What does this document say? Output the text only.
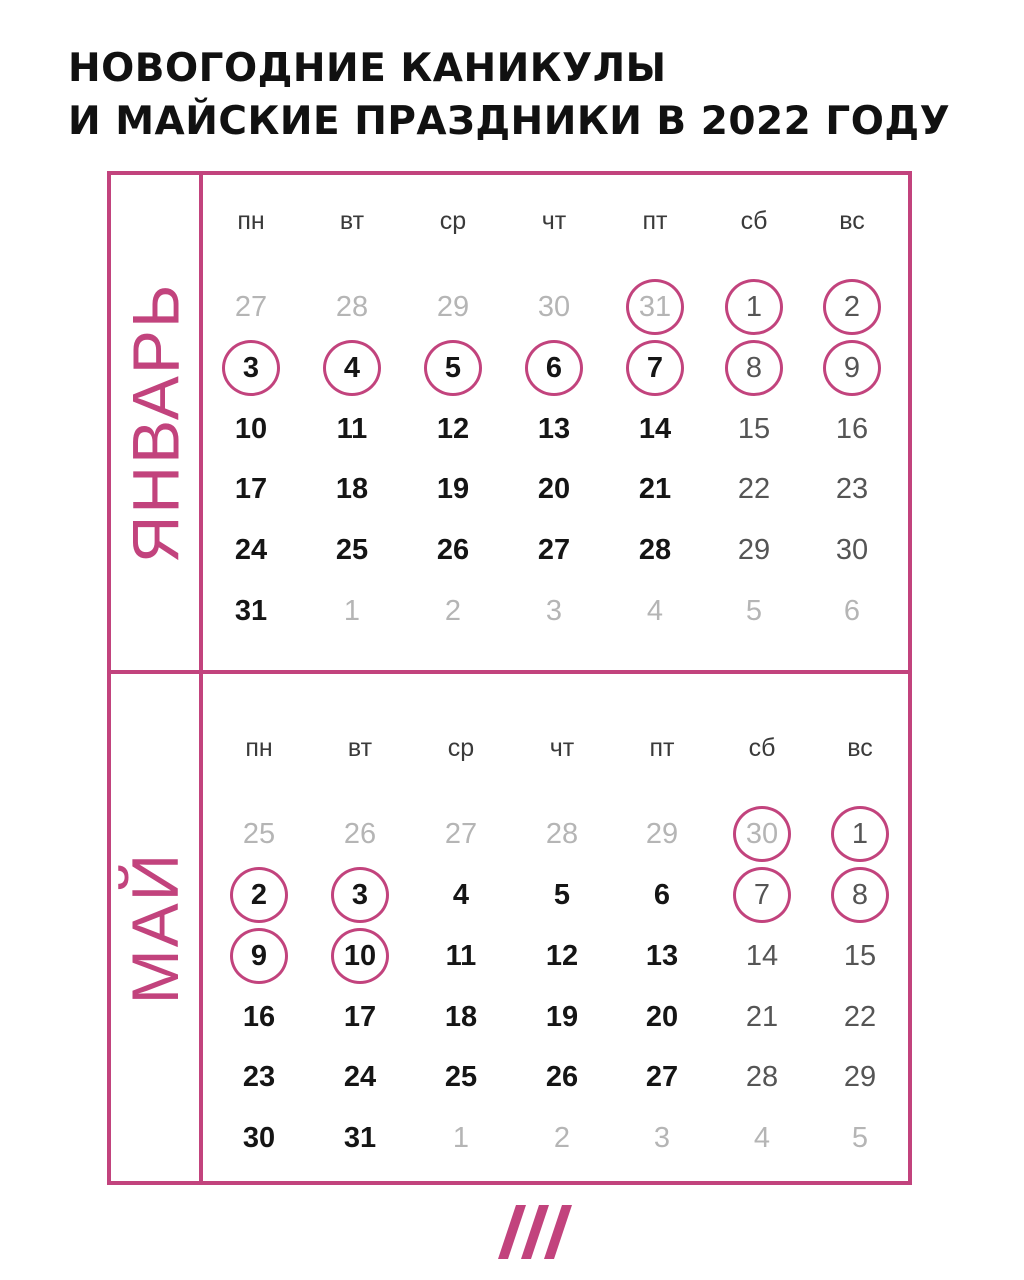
НОВОГОДНИЕ КАНИКУЛЫ
И МАЙСКИЕ ПРАЗДНИКИ В 2022 ГОДУ
ЯНВАРЬ
МАЙ
пн	вт	ср	чт	пт	сб	вс
27	28	29	30	31	1	2
3	4	5	6	7	8	9
10	11	12	13	14	15	16
17	18	19	20	21	22	23
24	25	26	27	28	29	30
31	1	2	3	4	5	6
пн	вт	ср	чт	пт	сб	вс
25	26	27	28	29	30	1
2	3	4	5	6	7	8
9	10	11	12	13	14	15
16	17	18	19	20	21	22
23	24	25	26	27	28	29
30	31	1	2	3	4	5
